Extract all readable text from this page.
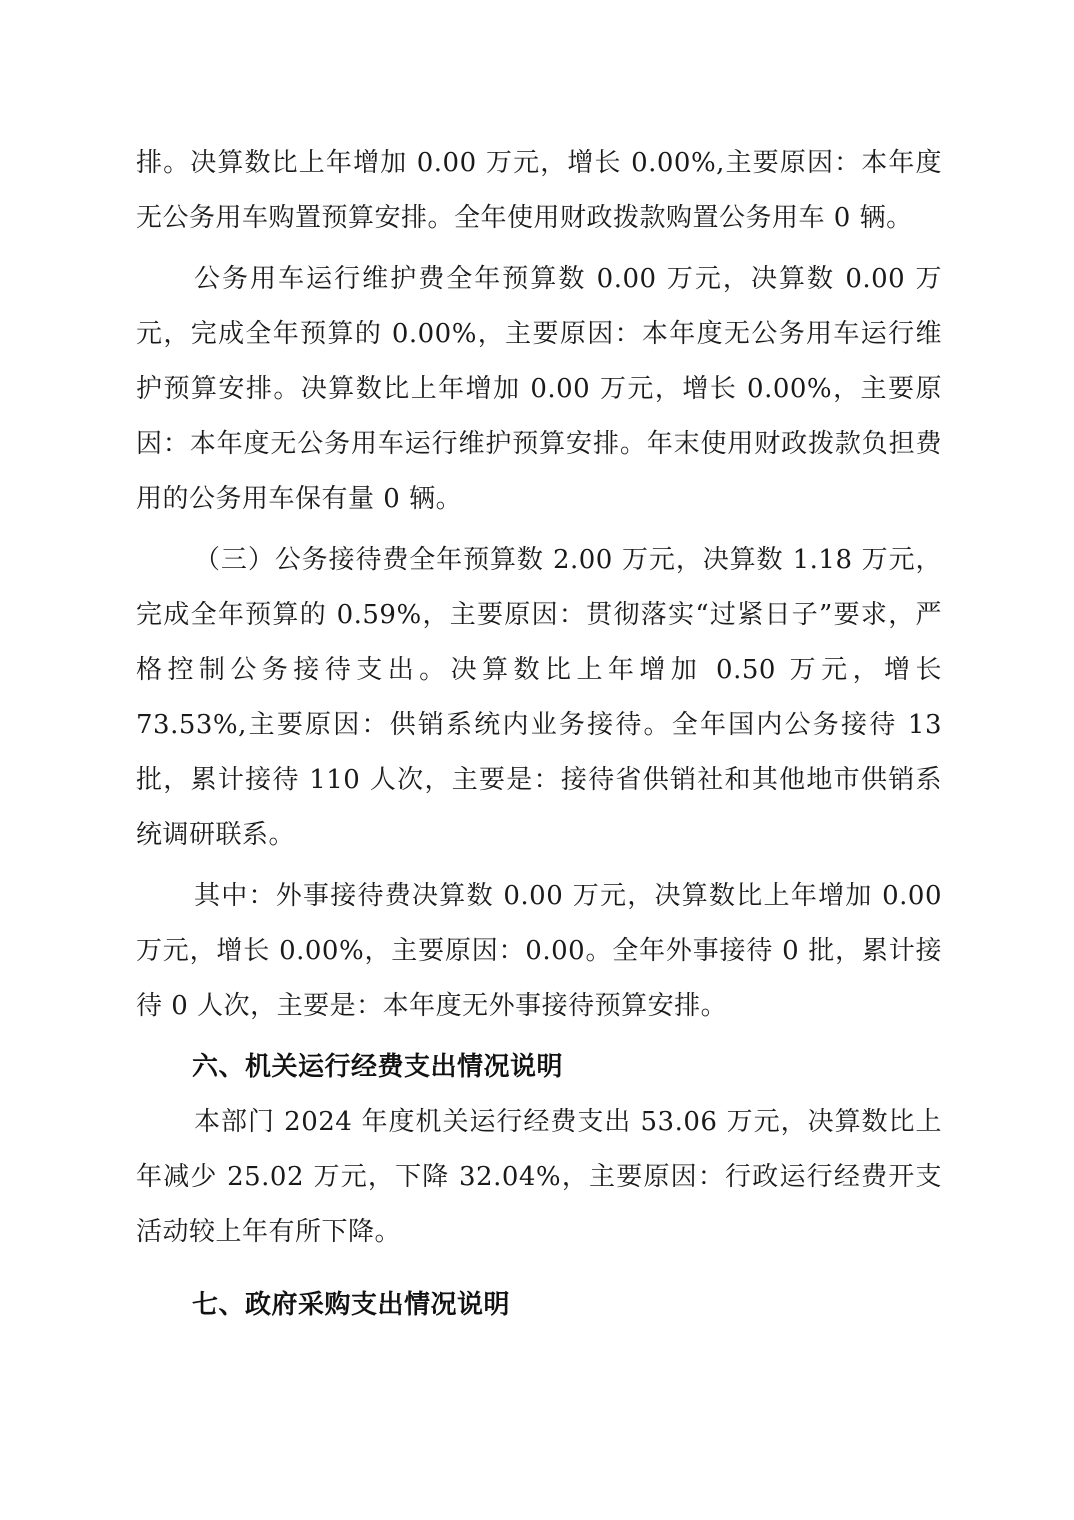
排。决算数比上年增加 0.00 万元，增长 0.00%,主要原因：本年度无公务用车购置预算安排。全年使用财政拨款购置公务用车 0 辆。

公务用车运行维护费全年预算数 0.00 万元，决算数 0.00 万元，完成全年预算的 0.00%，主要原因：本年度无公务用车运行维护预算安排。决算数比上年增加 0.00 万元，增长 0.00%，主要原因：本年度无公务用车运行维护预算安排。年末使用财政拨款负担费用的公务用车保有量 0 辆。

（三）公务接待费全年预算数 2.00 万元，决算数 1.18 万元，完成全年预算的 0.59%，主要原因：贯彻落实“过紧日子”要求，严格控制公务接待支出。决算数比上年增加 0.50 万元，增长 73.53%,主要原因：供销系统内业务接待。全年国内公务接待 13 批，累计接待 110 人次，主要是：接待省供销社和其他地市供销系统调研联系。

其中：外事接待费决算数 0.00 万元，决算数比上年增加 0.00 万元，增长 0.00%，主要原因：0.00。全年外事接待 0 批，累计接待 0 人次，主要是：本年度无外事接待预算安排。

六、机关运行经费支出情况说明

本部门 2024 年度机关运行经费支出 53.06 万元，决算数比上年减少 25.02 万元，下降 32.04%，主要原因：行政运行经费开支活动较上年有所下降。

七、政府采购支出情况说明
